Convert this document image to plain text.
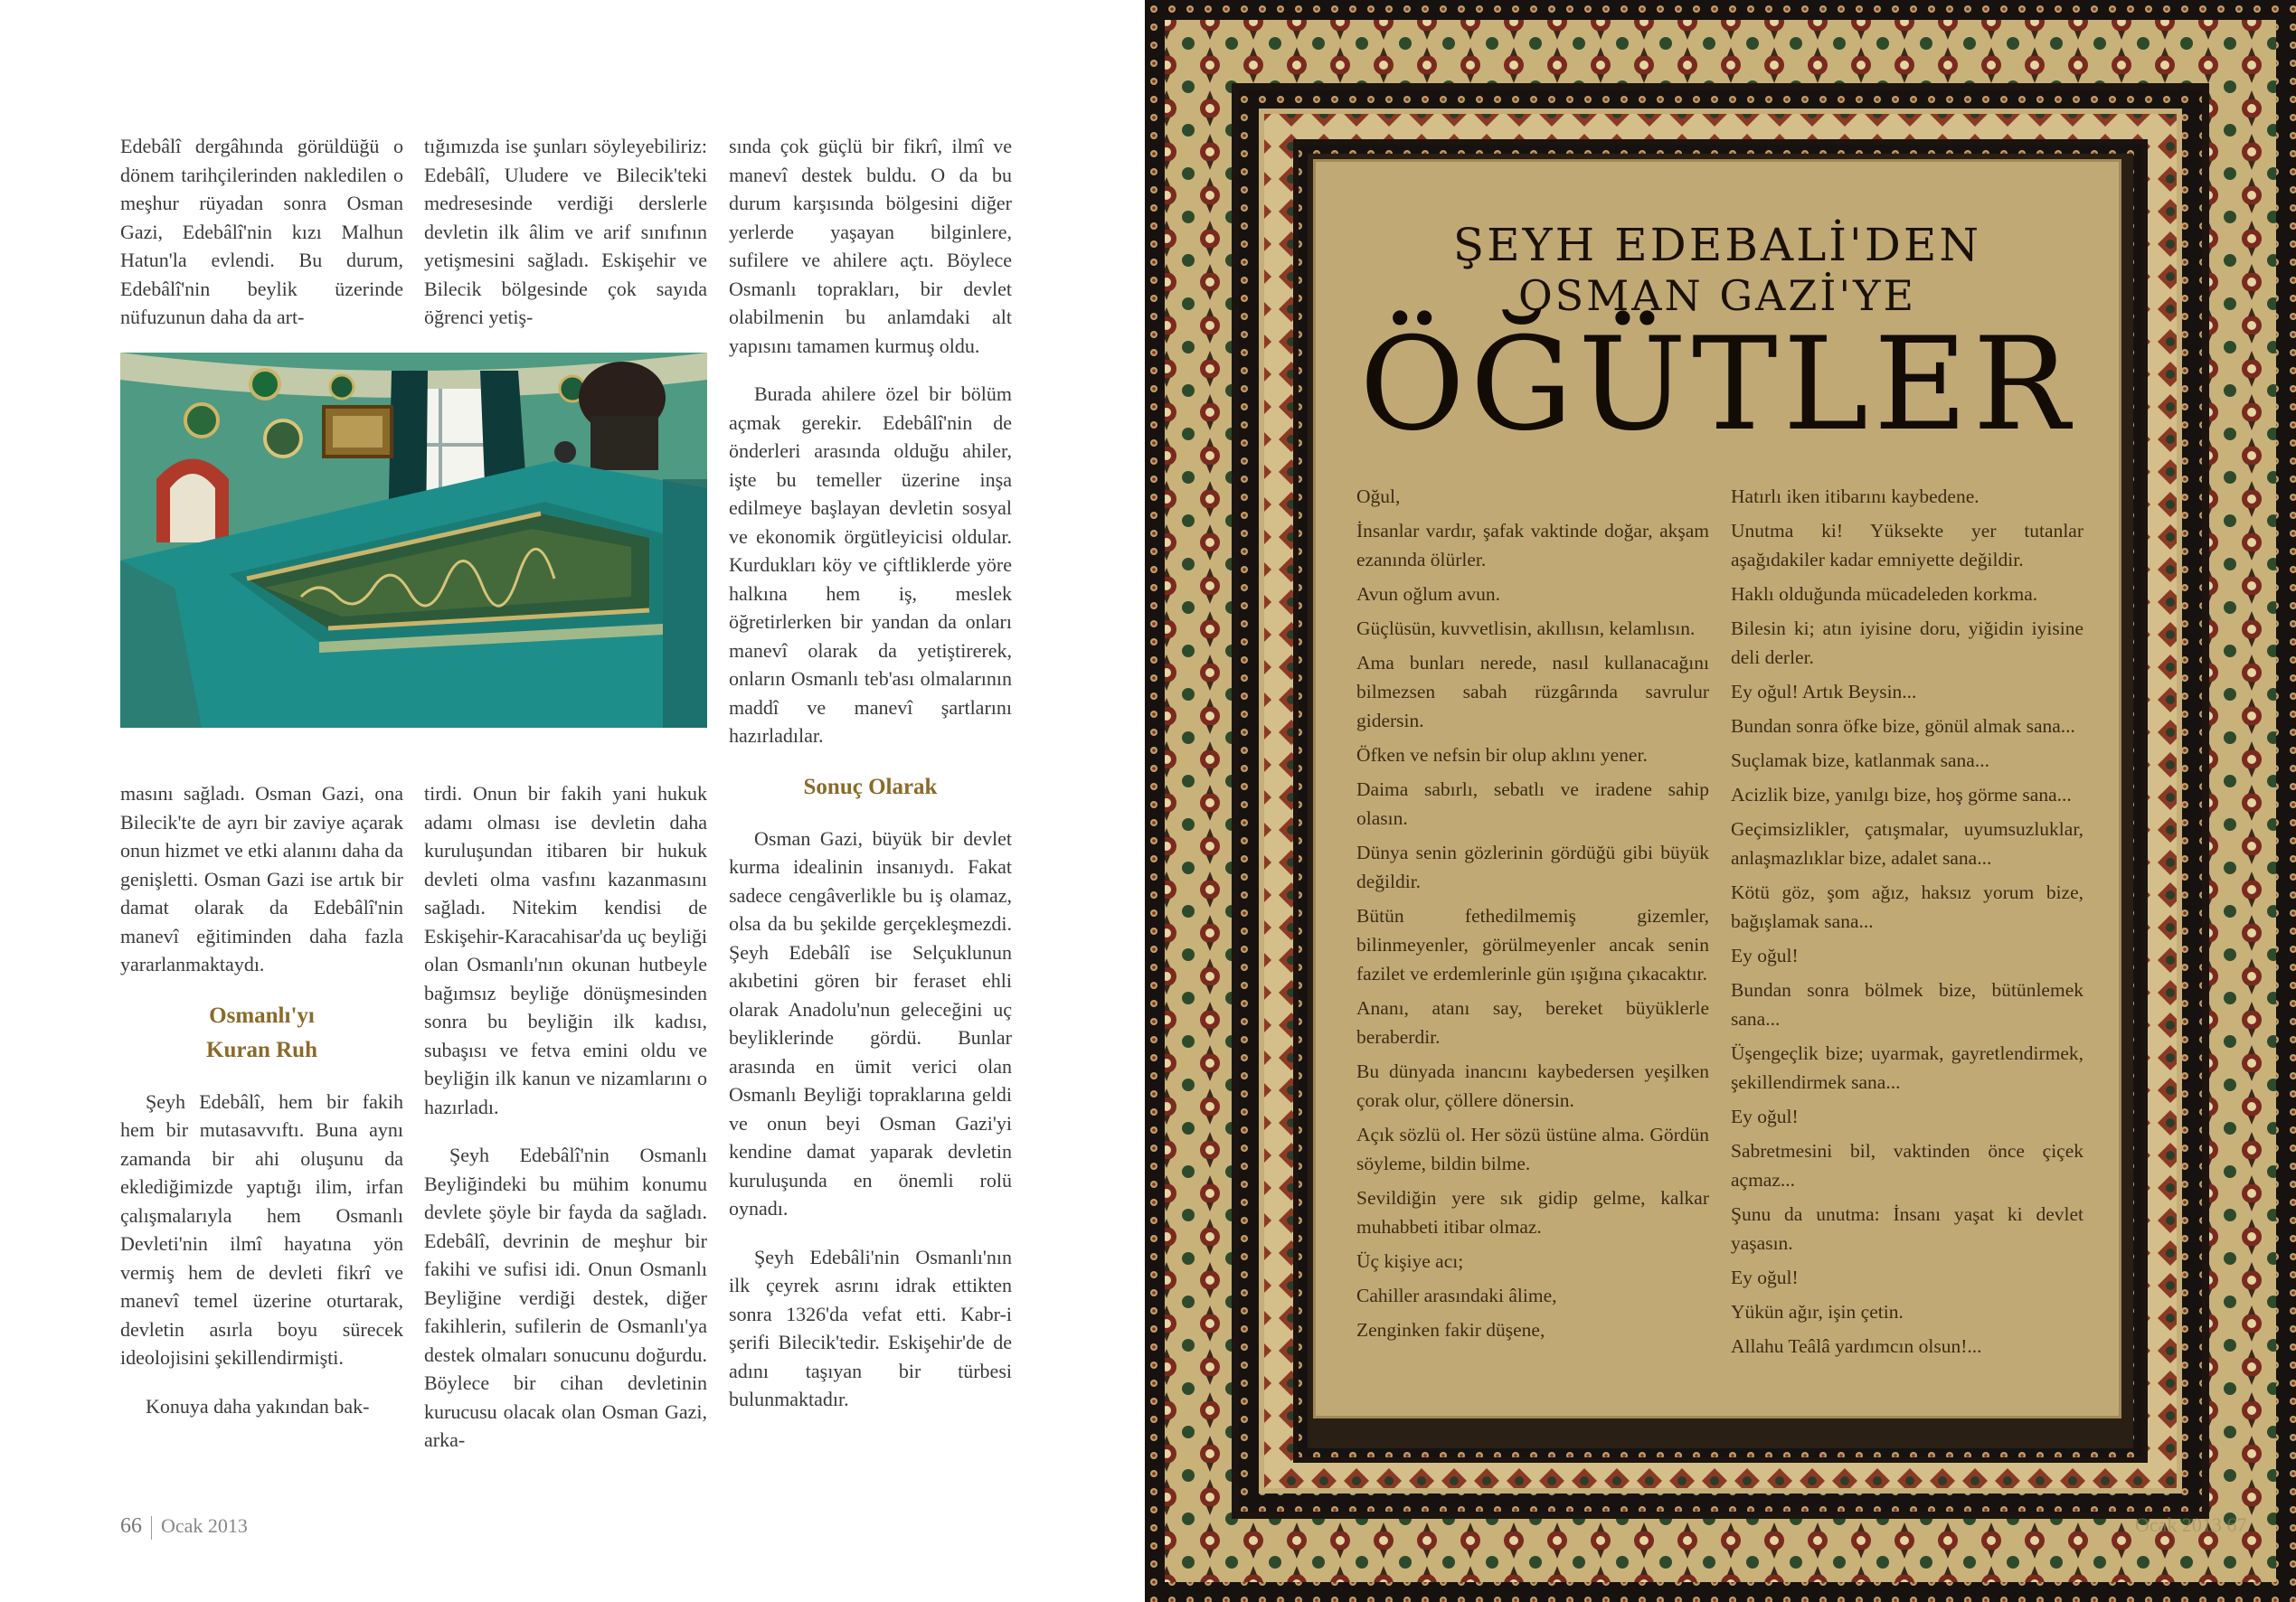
Edebâlî dergâhında görüldüğü o dönem tarihçilerinden nakledilen o meşhur rüyadan sonra Osman Gazi, Edebâlî'nin kızı Malhun Hatun'la evlendi. Bu durum, Edebâlî'nin beylik üzerinde nüfuzunun daha da art-

tığımızda ise şunları söyleyebiliriz: Edebâlî, Uludere ve Bilecik'teki medresesinde verdiği derslerle devletin ilk âlim ve arif sınıfının yetişmesini sağladı. Eskişehir ve Bilecik bölgesinde çok sayıda öğrenci yetiş-

masını sağladı. Osman Gazi, ona Bilecik'te de ayrı bir zaviye açarak onun hizmet ve etki alanını daha da genişletti. Osman Gazi ise artık bir damat olarak da Edebâlî'nin manevî eğitiminden daha fazla yararlanmaktaydı.

Osmanlı'yı
Kuran Ruh

Şeyh Edebâlî, hem bir fakih hem bir mutasavvıftı. Buna aynı zamanda bir ahi oluşunu da eklediğimizde yaptığı ilim, irfan çalışmalarıyla hem Osmanlı Devleti'nin ilmî hayatına yön vermiş hem de devleti fikrî ve manevî temel üzerine oturtarak, devletin asırla boyu sürecek ideolojisini şekillendirmişti.

Konuya daha yakından bak-

tirdi. Onun bir fakih yani hukuk adamı olması ise devletin daha kuruluşundan itibaren bir hukuk devleti olma vasfını kazanmasını sağladı. Nitekim kendisi de Eskişehir-Karacahisar'da uç beyliği olan Osmanlı'nın okunan hutbeyle bağımsız beyliğe dönüşmesinden sonra bu beyliğin ilk kadısı, subaşısı ve fetva emini oldu ve beyliğin ilk kanun ve nizamlarını o hazırladı.

Şeyh Edebâlî'nin Osmanlı Beyliğindeki bu mühim konumu devlete şöyle bir fayda da sağladı. Edebâlî, devrinin de meşhur bir fakihi ve sufisi idi. Onun Osmanlı Beyliğine verdiği destek, diğer fakihlerin, sufilerin de Osmanlı'ya destek olmaları sonucunu doğurdu. Böylece bir cihan devletinin kurucusu olacak olan Osman Gazi, arka-

sında çok güçlü bir fikrî, ilmî ve manevî destek buldu. O da bu durum karşısında bölgesini diğer yerlerde yaşayan bilginlere, sufilere ve ahilere açtı. Böylece Osmanlı toprakları, bir devlet olabilmenin bu anlamdaki alt yapısını tamamen kurmuş oldu.

Burada ahilere özel bir bölüm açmak gerekir. Edebâlî'nin de önderleri arasında olduğu ahiler, işte bu temeller üzerine inşa edilmeye başlayan devletin sosyal ve ekonomik örgütleyicisi oldular. Kurdukları köy ve çiftliklerde yöre halkına hem iş, meslek öğretirlerken bir yandan da onları manevî olarak da yetiştirerek, onların Osmanlı teb'ası olmalarının maddî ve manevî şartlarını hazırladılar.

Sonuç Olarak

Osman Gazi, büyük bir devlet kurma idealinin insanıydı. Fakat sadece cengâverlikle bu iş olamaz, olsa da bu şekilde gerçekleşmezdi. Şeyh Edebâlî ise Selçuklunun akıbetini gören bir feraset ehli olarak Anadolu'nun geleceğini uç beyliklerinde gördü. Bunlar arasında en ümit verici olan Osmanlı Beyliği topraklarına geldi ve onun beyi Osman Gazi'yi kendine damat yaparak devletin kuruluşunda en önemli rolü oynadı.

Şeyh Edebâli'nin Osmanlı'nın ilk çeyrek asrını idrak ettikten sonra 1326'da vefat etti. Kabr-i şerifi Bilecik'tedir. Eskişehir'de de adını taşıyan bir türbesi bulunmaktadır.

66 Ocak 2013
ŞEYH EDEBALİ'DEN
OSMAN GAZİ'YE
ÖĞÜTLER
Oğul,
İnsanlar vardır, şafak vaktinde doğar, akşam ezanında ölürler.
Avun oğlum avun.
Güçlüsün, kuvvetlisin, akıllısın, kelamlısın.
Ama bunları nerede, nasıl kullanacağını bilmezsen sabah rüzgârında savrulur gidersin.
Öfken ve nefsin bir olup aklını yener.
Daima sabırlı, sebatlı ve iradene sahip olasın.
Dünya senin gözlerinin gördüğü gibi büyük değildir.
Bütün fethedilmemiş gizemler, bilinmeyenler, görülmeyenler ancak senin fazilet ve erdemlerinle gün ışığına çıkacaktır.
Ananı, atanı say, bereket büyüklerle beraberdir.
Bu dünyada inancını kaybedersen yeşilken çorak olur, çöllere dönersin.
Açık sözlü ol. Her sözü üstüne alma. Gördün söyleme, bildin bilme.
Sevildiğin yere sık gidip gelme, kalkar muhabbeti itibar olmaz.
Üç kişiye acı;
Cahiller arasındaki âlime,
Zenginken fakir düşene,
Hatırlı iken itibarını kaybedene.
Unutma ki! Yüksekte yer tutanlar aşağıdakiler kadar emniyette değildir.
Haklı olduğunda mücadeleden korkma.
Bilesin ki; atın iyisine doru, yiğidin iyisine deli derler.
Ey oğul! Artık Beysin...
Bundan sonra öfke bize, gönül almak sana...
Suçlamak bize, katlanmak sana...
Acizlik bize, yanılgı bize, hoş görme sana...
Geçimsizlikler, çatışmalar, uyumsuzluklar, anlaşmazlıklar bize, adalet sana...
Kötü göz, şom ağız, haksız yorum bize, bağışlamak sana...
Ey oğul!
Bundan sonra bölmek bize, bütünlemek sana...
Üşengeçlik bize; uyarmak, gayretlendirmek, şekillendirmek sana...
Ey oğul!
Sabretmesini bil, vaktinden önce çiçek açmaz...
Şunu da unutma: İnsanı yaşat ki devlet yaşasın.
Ey oğul!
Yükün ağır, işin çetin.
Allahu Teâlâ yardımcın olsun!...
Ocak 2013 67
